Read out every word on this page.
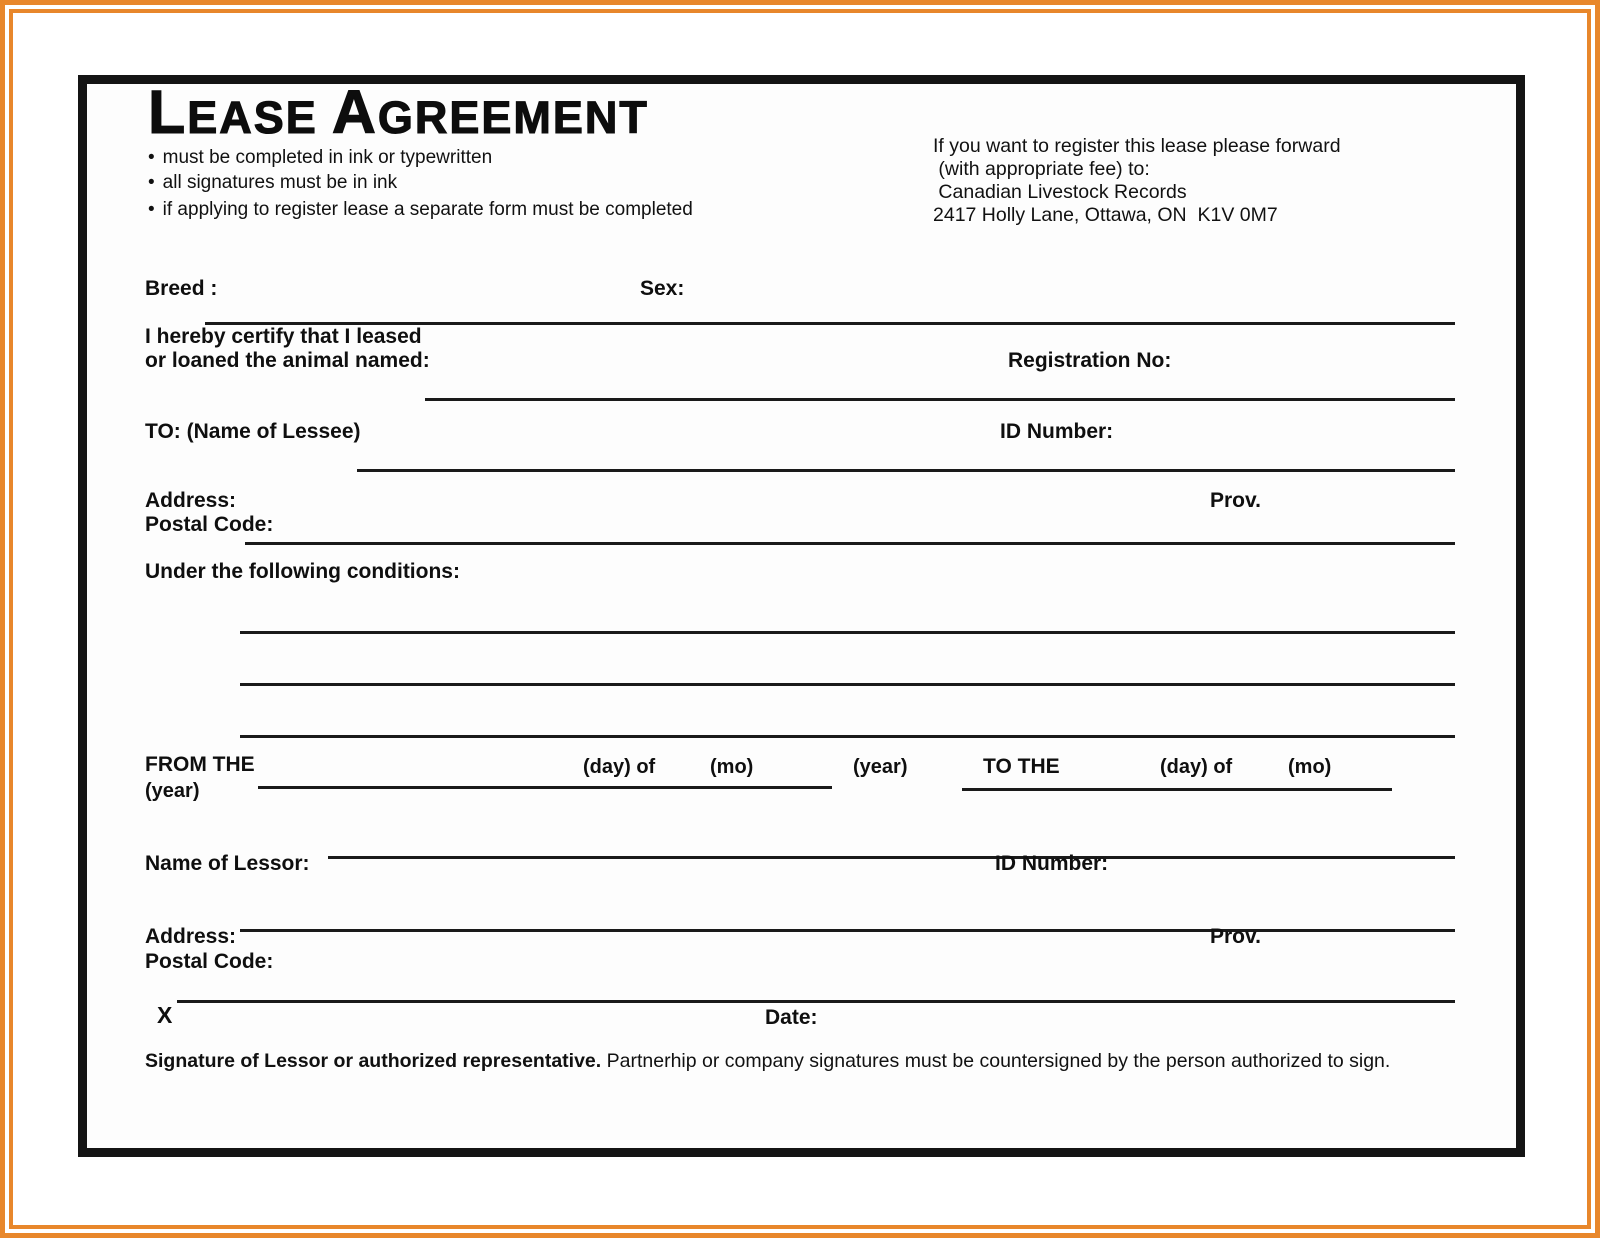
LEASE AGREEMENT
• must be completed in ink or typewritten
• all signatures must be in ink
• if applying to register lease a separate form must be completed
If you want to register this lease please forward
(with appropriate fee) to:
Canadian Livestock Records
2417 Holly Lane, Ottawa, ON  K1V 0M7
Breed :	Sex:
I hereby certify that I leased
or loaned the animal named:	Registration No:
TO: (Name of Lessee)	ID Number:
Address:	Prov.
Postal Code:
Under the following conditions:
FROM THE	(day) of	(mo)	(year)	TO THE	(day) of	(mo)
(year)
Name of Lessor:	ID Number:
Address:	Prov.
Postal Code:
X	Date:
Signature of Lessor or authorized representative. Partnerhip or company signatures must be countersigned by the person authorized to sign.
